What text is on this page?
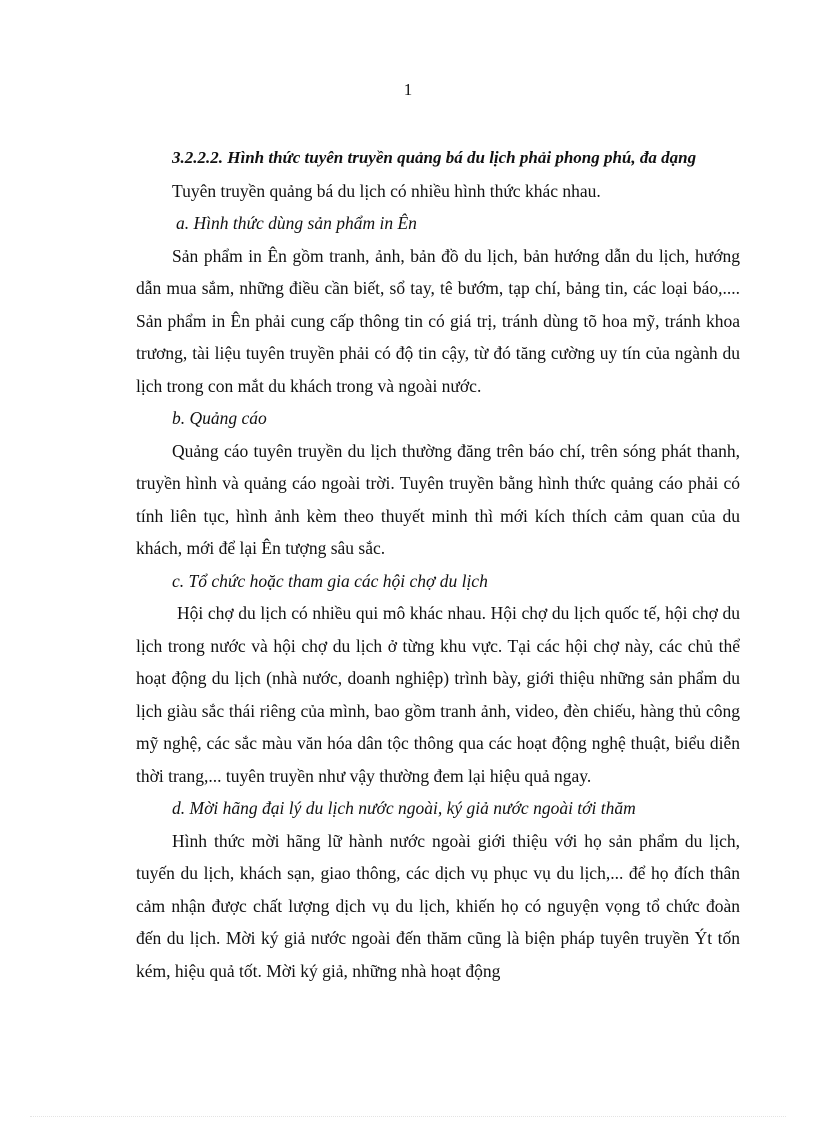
1

3.2.2.2. Hình thức tuyên truyền quảng bá du lịch phải phong phú, đa dạng

Tuyên truyền quảng bá du lịch có nhiều hình thức khác nhau.

a. Hình thức dùng sản phẩm in Ên

Sản phẩm in Ên gồm tranh, ảnh, bản đồ du lịch, bản hướng dẫn du lịch, hướng dẫn mua sắm, những điều cần biết, sổ tay, tê bướm, tạp chí, bảng tin, các loại báo,.... Sản phẩm in Ên phải cung cấp thông tin có giá trị, tránh dùng tõ hoa mỹ, tránh khoa trương, tài liệu tuyên truyền phải có độ tin cậy, từ đó tăng cường uy tín của ngành du lịch trong con mắt du khách trong và ngoài nước.

b. Quảng cáo

Quảng cáo tuyên truyền du lịch thường đăng trên báo chí, trên sóng phát thanh, truyền hình và quảng cáo ngoài trời. Tuyên truyền bằng hình thức quảng cáo phải có tính liên tục, hình ảnh kèm theo thuyết minh thì mới kích thích cảm quan của du khách, mới để lại Ên tượng sâu sắc.

c. Tổ chức hoặc tham gia các hội chợ du lịch

Hội chợ du lịch có nhiều qui mô khác nhau. Hội chợ du lịch quốc tế, hội chợ du lịch trong nước và hội chợ du lịch ở từng khu vực. Tại các hội chợ này, các chủ thể hoạt động du lịch (nhà nước, doanh nghiệp) trình bày, giới thiệu những sản phẩm du lịch giàu sắc thái riêng của mình, bao gồm tranh ảnh, video, đèn chiếu, hàng thủ công mỹ nghệ, các sắc màu văn hóa dân tộc thông qua các hoạt động nghệ thuật, biểu diễn thời trang,... tuyên truyền như vậy thường đem lại hiệu quả ngay.

d. Mời hãng đại lý du lịch nước ngoài, ký giả nước ngoài tới thăm

Hình thức mời hãng lữ hành nước ngoài giới thiệu với họ sản phẩm du lịch, tuyến du lịch, khách sạn, giao thông, các dịch vụ phục vụ du lịch,... để họ đích thân cảm nhận được chất lượng dịch vụ du lịch, khiến họ có nguyện vọng tổ chức đoàn đến du lịch. Mời ký giả nước ngoài đến thăm cũng là biện pháp tuyên truyền Ýt tốn kém, hiệu quả tốt. Mời ký giả, những nhà hoạt động
